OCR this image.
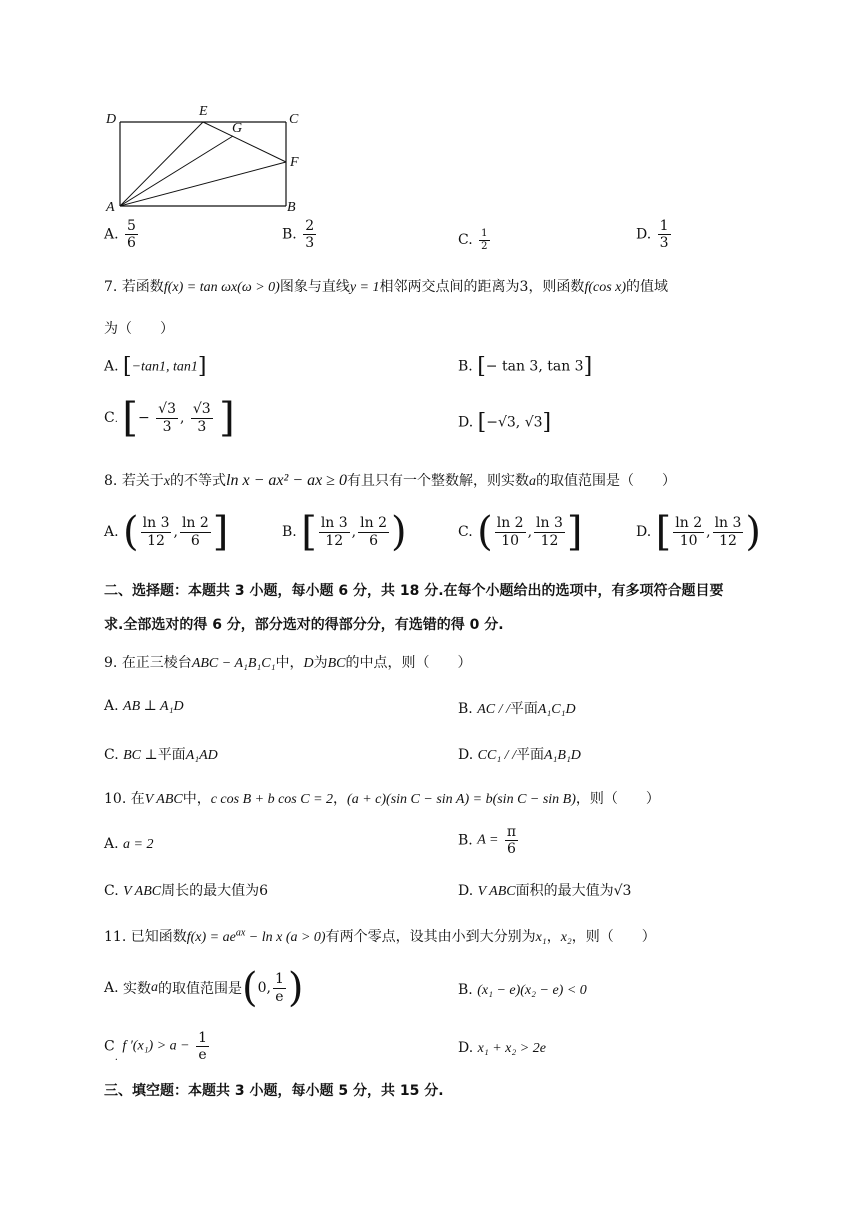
D
E
G
C
F
A	B
A. $\frac{5}{6}$	B. $\frac{2}{3}$	C. $\frac{1}{2}$	D. $\frac{1}{3}$
7. 若函数f(x) = tan ωx(ω > 0)图象与直线y = 1相邻两交点间的距离为3，则函数f(cos x)的值域
为（　　）
A. [−tan1, tan1]	B. [− tan 3, tan 3]
C. [− $\frac{√3}{3}$ , $\frac{√3}{3}$ ]	D. [−√3, √3]
8. 若关于x的不等式ln x − ax² − ax ≥ 0有且只有一个整数解，则实数a的取值范围是（　　）
A. ( $\frac{\ln 3}{12}$ , $\frac{\ln 2}{6}$ ]	B. [ $\frac{\ln 3}{12}$ , $\frac{\ln 2}{6}$ )	C. ( $\frac{\ln 2}{10}$ , $\frac{\ln 3}{12}$ ]	D. [ $\frac{\ln 2}{10}$ , $\frac{\ln 3}{12}$ )
二、选择题：本题共 3 小题，每小题 6 分，共 18 分.在每个小题给出的选项中，有多项符合题目要
求.全部选对的得 6 分，部分选对的得部分分，有选错的得 0 分.
9. 在正三棱台ABC − A₁B₁C₁中，D为BC的中点，则（　　）
A. AB ⊥ A₁D	B. AC / /平面A₁C₁D
C. BC ⊥平面A₁AD	D. CC₁ / /平面A₁B₁D
10. 在V ABC中，c cos B + b cos C = 2，(a + c)(sin C − sin A) = b(sin C − sin B)，则（　　）
A. a = 2	B. $A = \frac{\pi}{6}$
C. V ABC周长的最大值为6	D. V ABC面积的最大值为√3
11. 已知函数$f(x) = ae^{ax} - \ln x$ (a > 0)有两个零点，设其由小到大分别为x₁，x₂，则（　　）
A. 实数a的取值范围是(0, $\frac{1}{e}$ )	B. (x₁ − e)(x₂ − e) < 0
C. f $'(x_1) > a - \frac{1}{e}$	D. x₁ + x₂ > 2e
三、填空题：本题共 3 小题，每小题 5 分，共 15 分.
